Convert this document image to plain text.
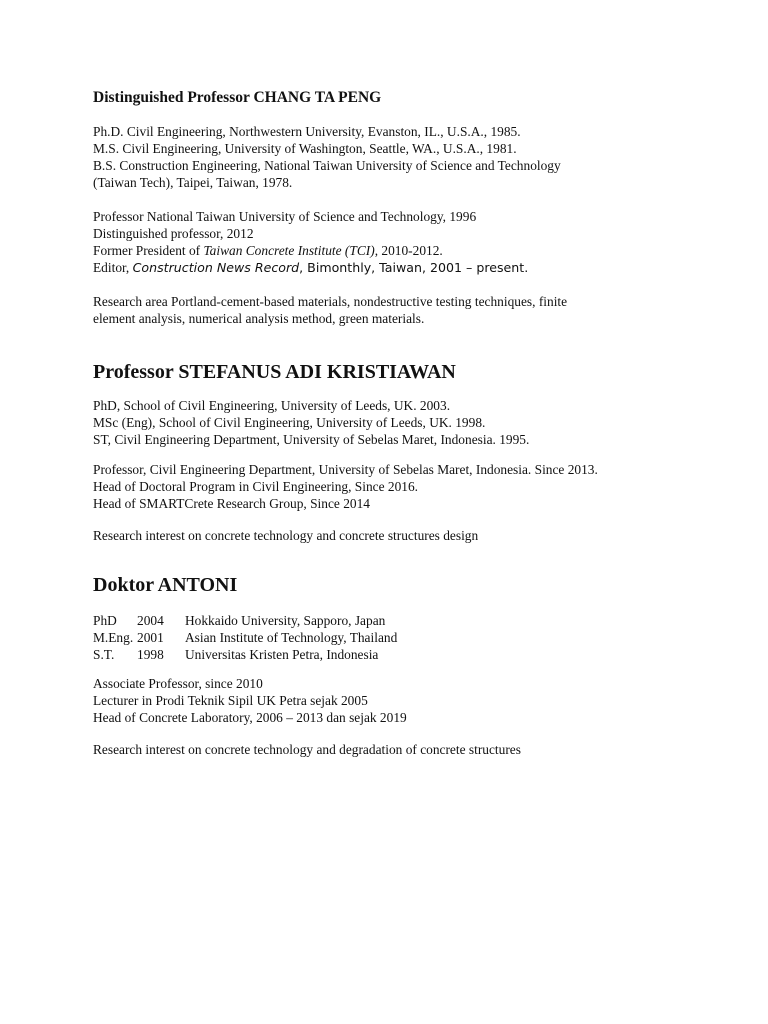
Distinguished Professor CHANG TA PENG
Ph.D. Civil Engineering, Northwestern University, Evanston, IL., U.S.A., 1985.
M.S. Civil Engineering, University of Washington, Seattle, WA., U.S.A., 1981.
B.S. Construction Engineering, National Taiwan University of Science and Technology
(Taiwan Tech), Taipei, Taiwan, 1978.
Professor National Taiwan University of Science and Technology, 1996
Distinguished professor, 2012
Former President of Taiwan Concrete Institute (TCI), 2010-2012.
Editor, Construction News Record, Bimonthly, Taiwan, 2001 – present.
Research area Portland-cement-based materials, nondestructive testing techniques, finite
element analysis, numerical analysis method, green materials.
Professor STEFANUS ADI KRISTIAWAN
PhD, School of Civil Engineering, University of Leeds, UK. 2003.
MSc (Eng), School of Civil Engineering, University of Leeds, UK. 1998.
ST, Civil Engineering Department, University of Sebelas Maret, Indonesia. 1995.
Professor, Civil Engineering Department, University of Sebelas Maret, Indonesia. Since 2013.
Head of Doctoral Program in Civil Engineering, Since 2016.
Head of SMARTCrete Research Group, Since 2014
Research interest on concrete technology and concrete structures design
Doktor ANTONI
PhD 2004 Hokkaido University, Sapporo, Japan
M.Eng. 2001 Asian Institute of Technology, Thailand
S.T. 1998 Universitas Kristen Petra, Indonesia
Associate Professor, since 2010
Lecturer in Prodi Teknik Sipil UK Petra sejak 2005
Head of Concrete Laboratory, 2006 – 2013 dan sejak 2019
Research interest on concrete technology and degradation of concrete structures
